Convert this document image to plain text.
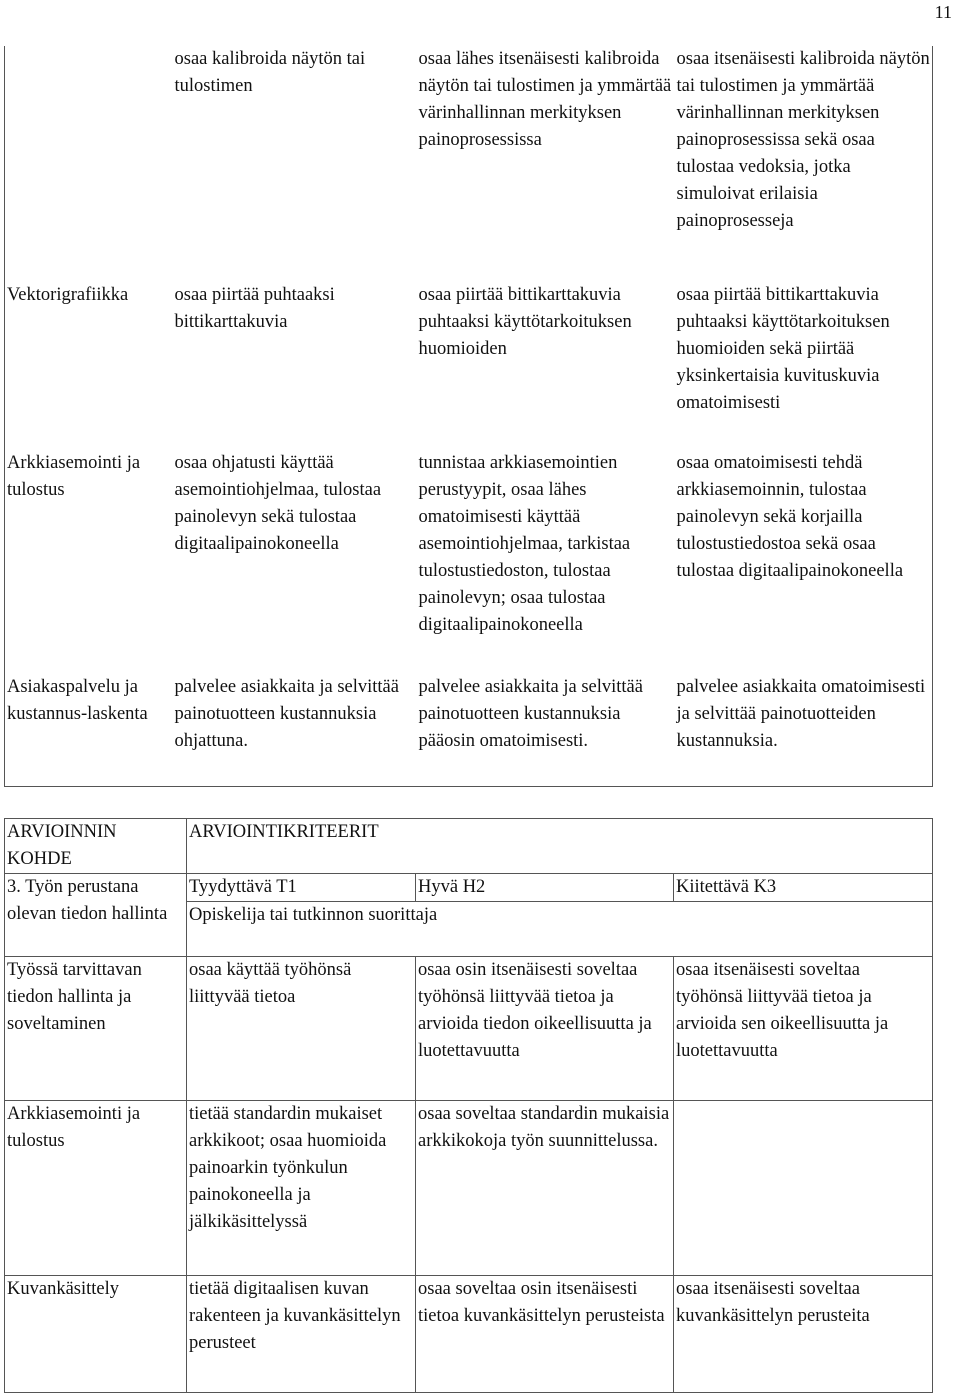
11
	osaa kalibroida näytön tai tulostimen	osaa lähes itsenäisesti kalibroida näytön tai tulostimen ja ymmärtää värinhallinnan merkityksen painoprosessissa	osaa itsenäisesti kalibroida näytön tai tulostimen ja ymmärtää värinhallinnan merkityksen painoprosessissa sekä osaa tulostaa vedoksia, jotka simuloivat erilaisia painoprosesseja
Vektorigrafiikka	osaa piirtää puhtaaksi bittikarttakuvia	osaa piirtää bittikarttakuvia puhtaaksi käyttötarkoituksen huomioiden	osaa piirtää bittikarttakuvia puhtaaksi käyttötarkoituksen huomioiden sekä piirtää yksinkertaisia kuvituskuvia omatoimisesti
Arkkiasemointi ja tulostus	osaa ohjatusti käyttää asemointiohjelmaa, tulostaa painolevyn sekä tulostaa digitaalipainokoneella	tunnistaa arkkiasemointien perustyypit, osaa lähes omatoimisesti käyttää asemointiohjelmaa, tarkistaa tulostustiedoston, tulostaa painolevyn; osaa tulostaa digitaalipainokoneella	osaa omatoimisesti tehdä arkkiasemoinnin, tulostaa painolevyn sekä korjailla tulostustiedostoa sekä osaa tulostaa digitaalipainokoneella
Asiakaspalvelu ja kustannus-laskenta	palvelee asiakkaita ja selvittää painotuotteen kustannuksia ohjattuna.	palvelee asiakkaita ja selvittää painotuotteen kustannuksia pääosin omatoimisesti.	palvelee asiakkaita omatoimisesti ja selvittää painotuotteiden kustannuksia.
ARVIOINNIN KOHDE	ARVIOINTIKRITEERIT		
3. Työn perustana olevan tiedon hallinta	Tyydyttävä T1	Hyvä H2	Kiitettävä K3
	Opiskelija tai tutkinnon suorittaja		

Työssä tarvittavan tiedon hallinta ja soveltaminen	osaa käyttää työhönsä liittyvää tietoa	osaa osin itsenäisesti soveltaa työhönsä liittyvää tietoa ja arvioida tiedon oikeellisuutta ja luotettavuutta	osaa itsenäisesti soveltaa työhönsä liittyvää tietoa ja arvioida sen oikeellisuutta ja luotettavuutta
Arkkiasemointi ja tulostus	tietää standardin mukaiset arkkikoot; osaa huomioida painoarkin työnkulun painokoneella ja jälkikäsittelyssä	osaa soveltaa standardin mukaisia arkkikokoja työn suunnittelussa.	
Kuvankäsittely	tietää digitaalisen kuvan rakenteen ja kuvankäsittelyn perusteet	osaa soveltaa osin itsenäisesti tietoa kuvankäsittelyn perusteista	osaa itsenäisesti soveltaa kuvankäsittelyn perusteita
